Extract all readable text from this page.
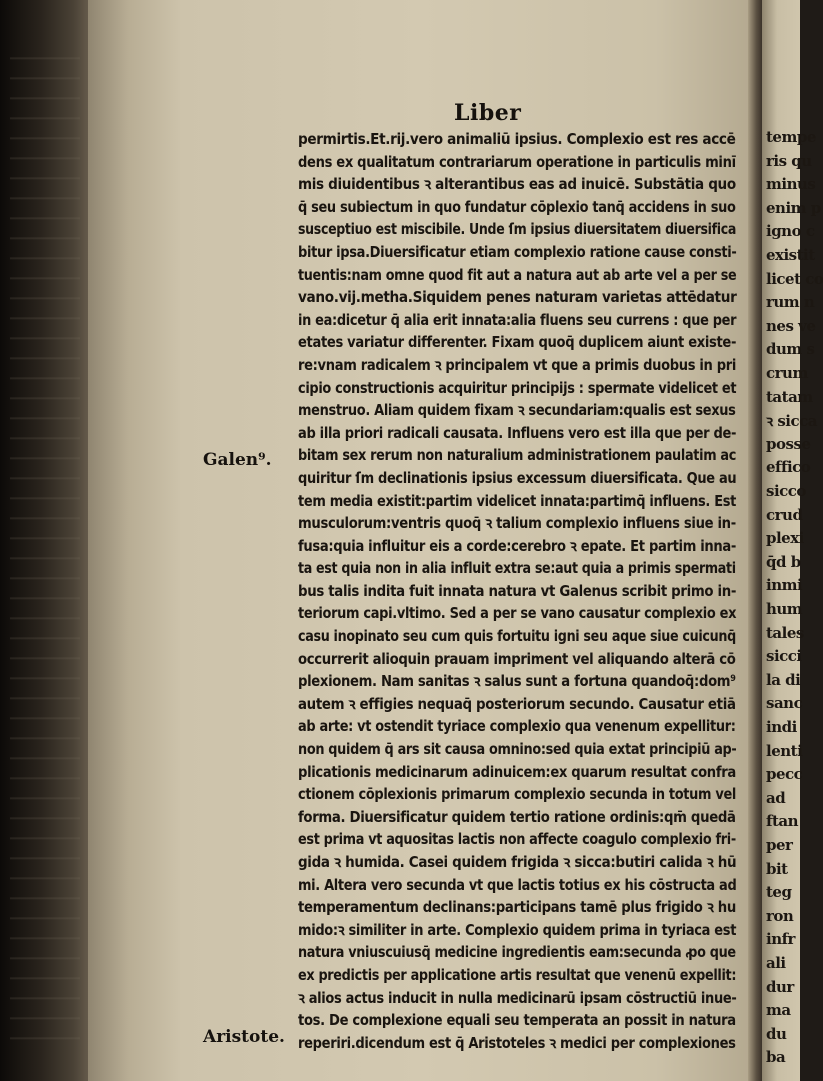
tempe
ris qu
minus
enim p
igno c
existit
licet co
rum n
nes ve
dum s
crum
tatam
ꝛ sicca
posse
effico
sicco
crud
plexi
q̄d b
inmi
hum
tales
sicci
la di
sanc
indi
lenti
pecc
ad
ftan
per
bit
teg
ron
infr
ali
dur
ma
du
ba
Liber
Galen⁹.
Aristote.
permirtis.Et.rij.vero animaliū ipsius. Complexio est res accē
dens ex qualitatum contrariarum operatione in particulis minī
mis diuidentibus ꝛ alterantibus eas ad inuicē. Substātia quo
q̄ seu subiectum in quo fundatur cōplexio tanq̄ accidens in suo
susceptiuo est miscibile. Unde ſm ipsius diuersitatem diuersifica
bitur ipsa.Diuersificatur etiam complexio ratione cause consti-
tuentis:nam omne quod fit aut a natura aut ab arte vel a per se
vano.vij.metha.Siquidem penes naturam varietas attēdatur
in ea:dicetur q̄ alia erit innata:alia fluens seu currens : que per
etates variatur differenter. Fixam quoq̄ duplicem aiunt existe-
re:vnam radicalem ꝛ principalem vt que a primis duobus in pri
cipio constructionis acquiritur principijs : spermate videlicet et
menstruo. Aliam quidem fixam ꝛ secundariam:qualis est sexus
ab illa priori radicali causata. Influens vero est illa que per de-
bitam sex rerum non naturalium administrationem paulatim ac
quiritur ſm declinationis ipsius excessum diuersificata. Que au
tem media existit:partim videlicet innata:partimq̄ influens. Est
musculorum:ventris quoq̄ ꝛ talium complexio influens siue in-
fusa:quia influitur eis a corde:cerebro ꝛ epate. Et partim inna-
ta est quia non in alia influit extra se:aut quia a primis spermati
bus talis indita fuit innata natura vt Galenus scribit primo in-
teriorum capi.vltimo. Sed a per se vano causatur complexio ex
casu inopinato seu cum quis fortuitu igni seu aque siue cuicunq̄
occurrerit alioquin prauam impriment vel aliquando alterā cō
plexionem. Nam sanitas ꝛ salus sunt a fortuna quandoq̄:dom⁹
autem ꝛ effigies nequaq̄ posteriorum secundo. Causatur etiā
ab arte: vt ostendit tyriace complexio qua venenum expellitur:
non quidem q̄ ars sit causa omnino:sed quia extat principiū ap-
plicationis medicinarum adinuicem:ex quarum resultat confra
ctionem cōplexionis primarum complexio secunda in totum vel
forma. Diuersificatur quidem tertio ratione ordinis:qm̄ quedā
est prima vt aquositas lactis non affecte coagulo complexio fri-
gida ꝛ humida. Casei quidem frigida ꝛ sicca:butiri calida ꝛ hū
mi. Altera vero secunda vt que lactis totius ex his cōstructa ad
temperamentum declinans:participans tamē plus frigido ꝛ hu
mido:ꝛ similiter in arte. Complexio quidem prima in tyriaca est
natura vniuscuiusq̄ medicine ingredientis eam:secunda ꝓo que
ex predictis per applicatione artis resultat que venenū expellit:
ꝛ alios actus inducit in nulla medicinarū ipsam cōstructiū inue-
tos. De complexione equali seu temperata an possit in natura
reperiri.dicendum est q̄ Aristoteles ꝛ medici per complexiones
